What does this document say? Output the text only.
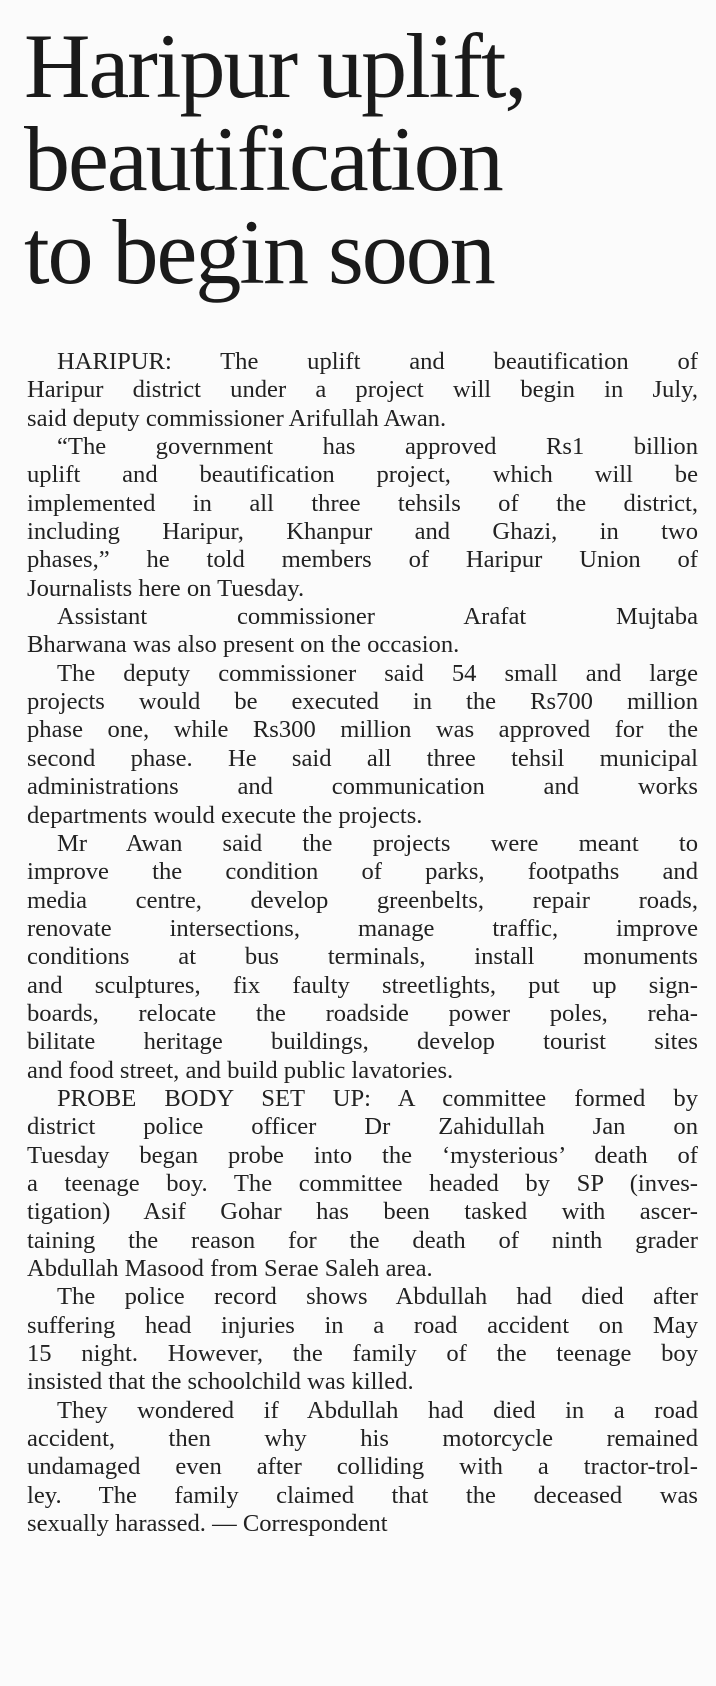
Haripur uplift,
beautification
to begin soon
HARIPUR: The uplift and beautification of
Haripur district under a project will begin in July,
said deputy commissioner Arifullah Awan.
“The government has approved Rs1 billion
uplift and beautification project, which will be
implemented in all three tehsils of the district,
including Haripur, Khanpur and Ghazi, in two
phases,” he told members of Haripur Union of
Journalists here on Tuesday.
Assistant commissioner Arafat Mujtaba
Bharwana was also present on the occasion.
The deputy commissioner said 54 small and large
projects would be executed in the Rs700 million
phase one, while Rs300 million was approved for the
second phase. He said all three tehsil municipal
administrations and communication and works
departments would execute the projects.
Mr Awan said the projects were meant to
improve the condition of parks, footpaths and
media centre, develop greenbelts, repair roads,
renovate intersections, manage traffic, improve
conditions at bus terminals, install monuments
and sculptures, fix faulty streetlights, put up sign-
boards, relocate the roadside power poles, reha-
bilitate heritage buildings, develop tourist sites
and food street, and build public lavatories.
PROBE BODY SET UP: A committee formed by
district police officer Dr Zahidullah Jan on
Tuesday began probe into the ‘mysterious’ death of
a teenage boy. The committee headed by SP (inves-
tigation) Asif Gohar has been tasked with ascer-
taining the reason for the death of ninth grader
Abdullah Masood from Serae Saleh area.
The police record shows Abdullah had died after
suffering head injuries in a road accident on May
15 night. However, the family of the teenage boy
insisted that the schoolchild was killed.
They wondered if Abdullah had died in a road
accident, then why his motorcycle remained
undamaged even after colliding with a tractor-trol-
ley. The family claimed that the deceased was
sexually harassed. — Correspondent
